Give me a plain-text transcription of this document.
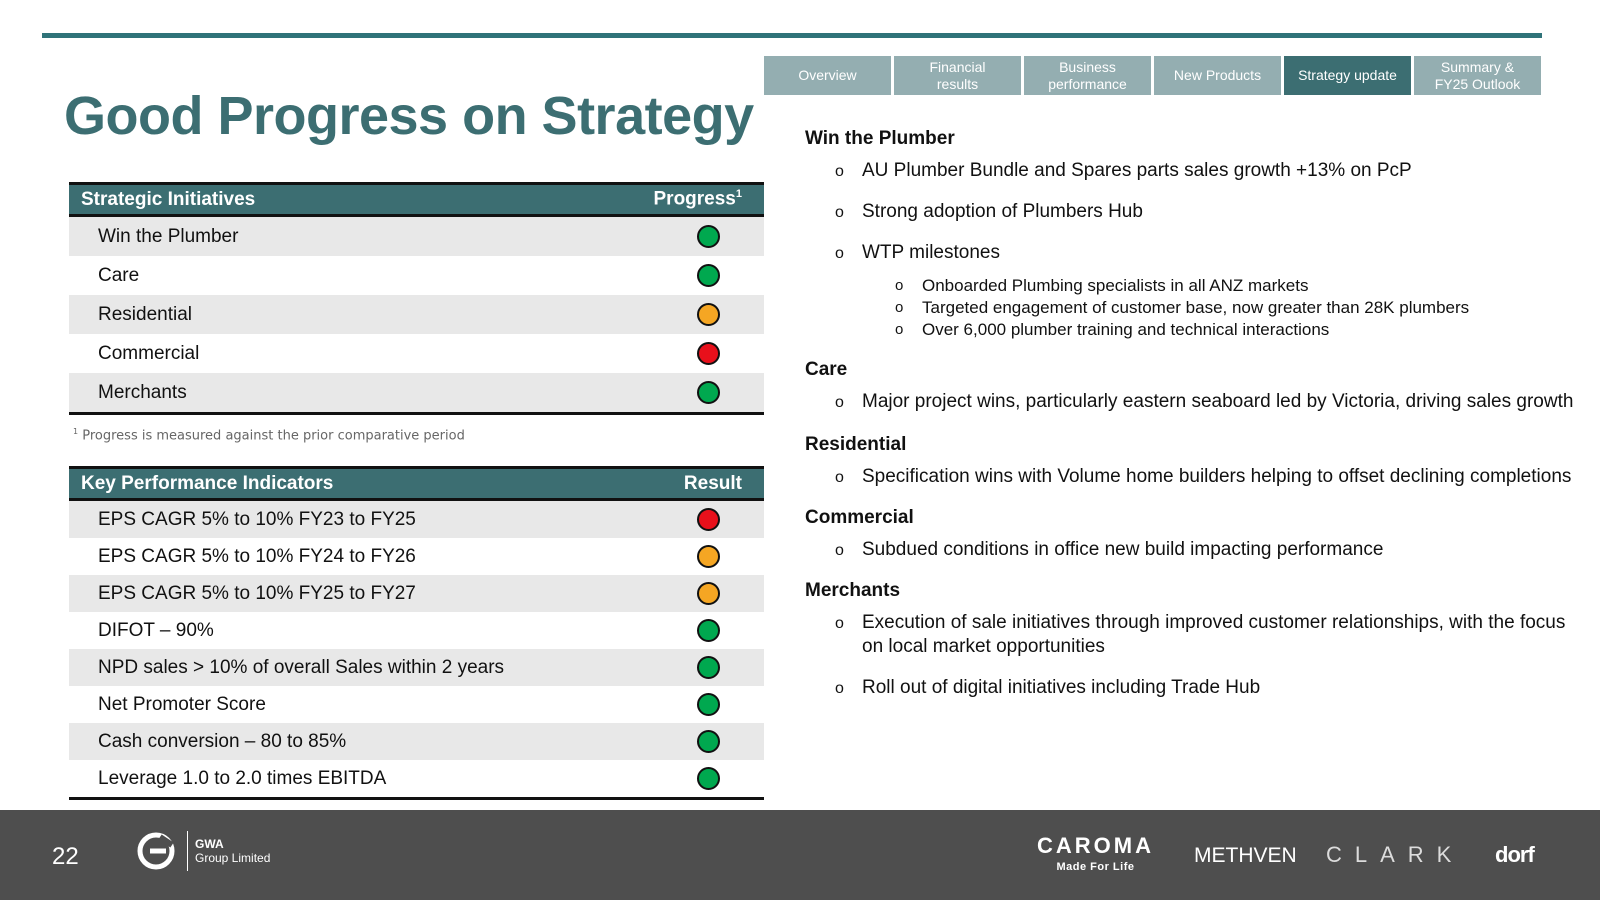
Overview
Financial
results
Business
performance
New Products	Strategy update
Summary &
FY25 Outlook
Good Progress on Strategy
Strategic Initiatives	Progress$^1$
Win the Plumber
Care
Residential
Commercial
Merchants
$^1$ Progress is measured against the prior comparative period
Key Performance Indicators	Result
EPS CAGR 5% to 10% FY23 to FY25
EPS CAGR 5% to 10% FY24 to FY26
EPS CAGR 5% to 10% FY25 to FY27
DIFOT – 90%
NPD sales > 10% of overall Sales within 2 years
Net Promoter Score
Cash conversion – 80 to 85%
Leverage 1.0 to 2.0 times EBITDA
Win the Plumber
o AU Plumber Bundle and Spares parts sales growth +13% on PcP
o Strong adoption of Plumbers Hub
o WTP milestones
o Onboarded Plumbing specialists in all ANZ markets
o Targeted engagement of customer base, now greater than 28K plumbers
o Over 6,000 plumber training and technical interactions
Care
o Major project wins, particularly eastern seaboard led by Victoria, driving sales growth
Residential
o Specification wins with Volume home builders helping to offset declining completions
Commercial
o Subdued conditions in office new build impacting performance
Merchants
o Execution of sale initiatives through improved customer relationships, with the focus on local market opportunities
o Roll out of digital initiatives including Trade Hub
22	GWA
Group Limited	CAROMA
Made For Life	METHVEN CLARK dorf
